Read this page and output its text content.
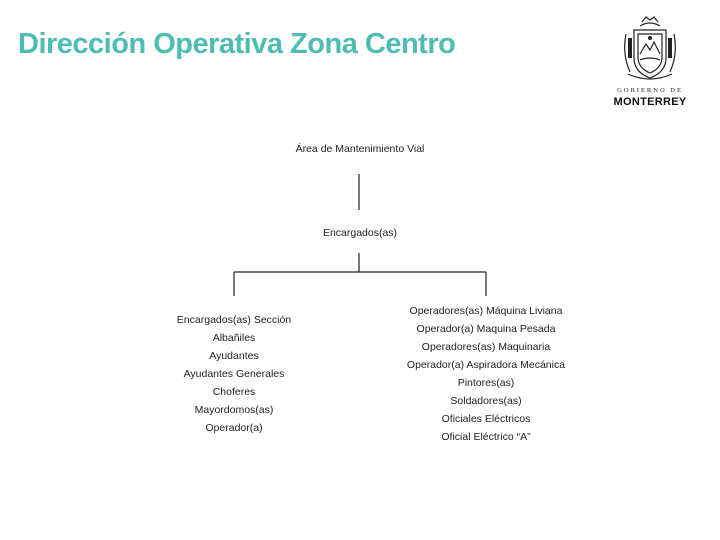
Dirección Operativa Zona Centro
GOBIERNO DE
MONTERREY
Área de Mantenimiento Vial
Encargados(as)
Encargados(as) Sección
Albañiles
Ayudantes
Ayudantes Generales
Choferes
Mayordomos(as)
Operador(a)
Operadores(as) Máquina Liviana
Operador(a) Maquina Pesada
Operadores(as) Maquinaria
Operador(a) Aspiradora Mecánica
Pintores(as)
Soldadores(as)
Oficiales Eléctricos
Oficial Eléctrico “A”
